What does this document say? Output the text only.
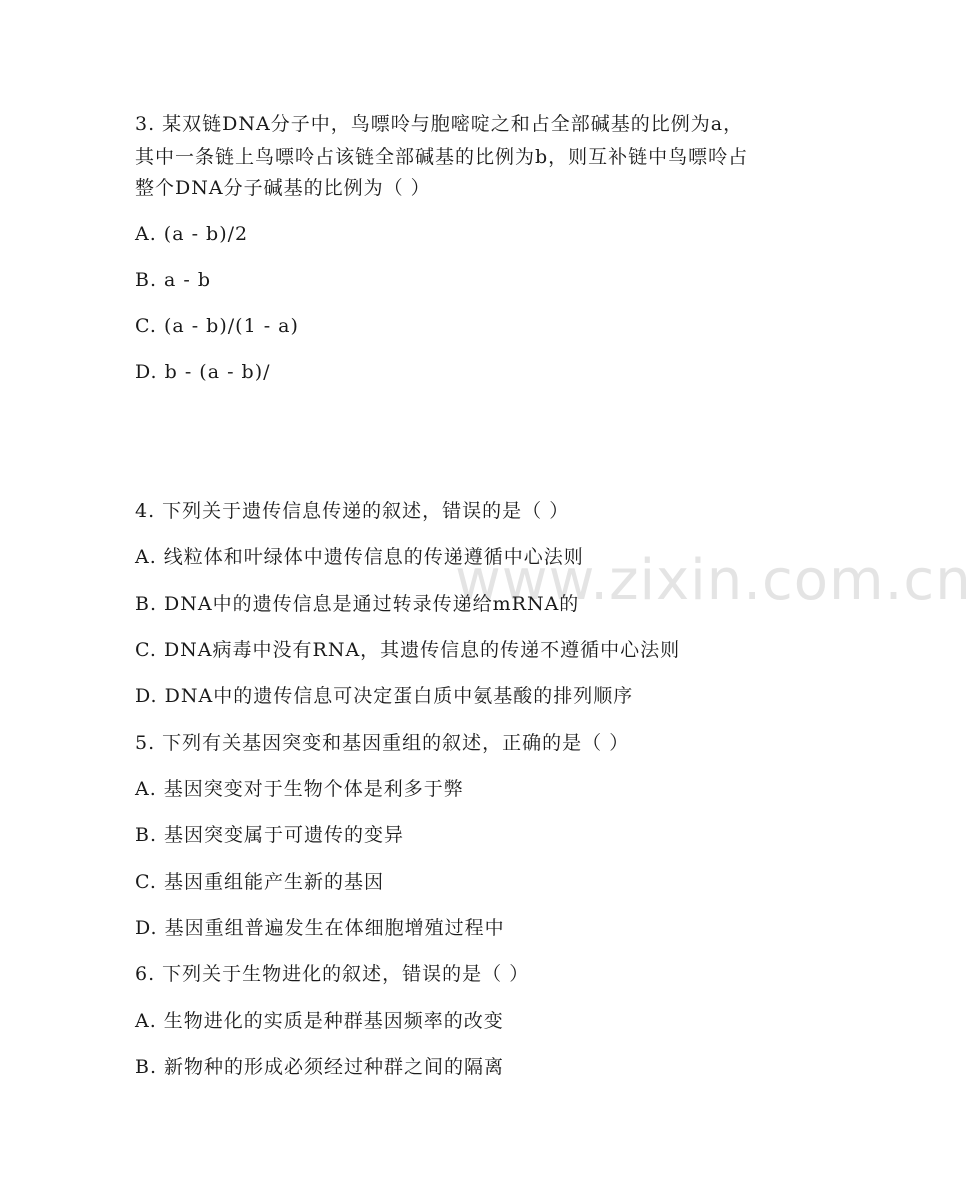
www.zixin.com.cn
3. 某双链DNA分子中，鸟嘌呤与胞嘧啶之和占全部碱基的比例为a，
其中一条链上鸟嘌呤占该链全部碱基的比例为b，则互补链中鸟嘌呤占
整个DNA分子碱基的比例为（ ）
A. (a - b)/2
B. a - b
C. (a - b)/(1 - a)
D. b - (a - b)/
4. 下列关于遗传信息传递的叙述，错误的是（ ）
A. 线粒体和叶绿体中遗传信息的传递遵循中心法则
B. DNA中的遗传信息是通过转录传递给mRNA的
C. DNA病毒中没有RNA，其遗传信息的传递不遵循中心法则
D. DNA中的遗传信息可决定蛋白质中氨基酸的排列顺序
5. 下列有关基因突变和基因重组的叙述，正确的是（ ）
A. 基因突变对于生物个体是利多于弊
B. 基因突变属于可遗传的变异
C. 基因重组能产生新的基因
D. 基因重组普遍发生在体细胞增殖过程中
6. 下列关于生物进化的叙述，错误的是（ ）
A. 生物进化的实质是种群基因频率的改变
B. 新物种的形成必须经过种群之间的隔离
